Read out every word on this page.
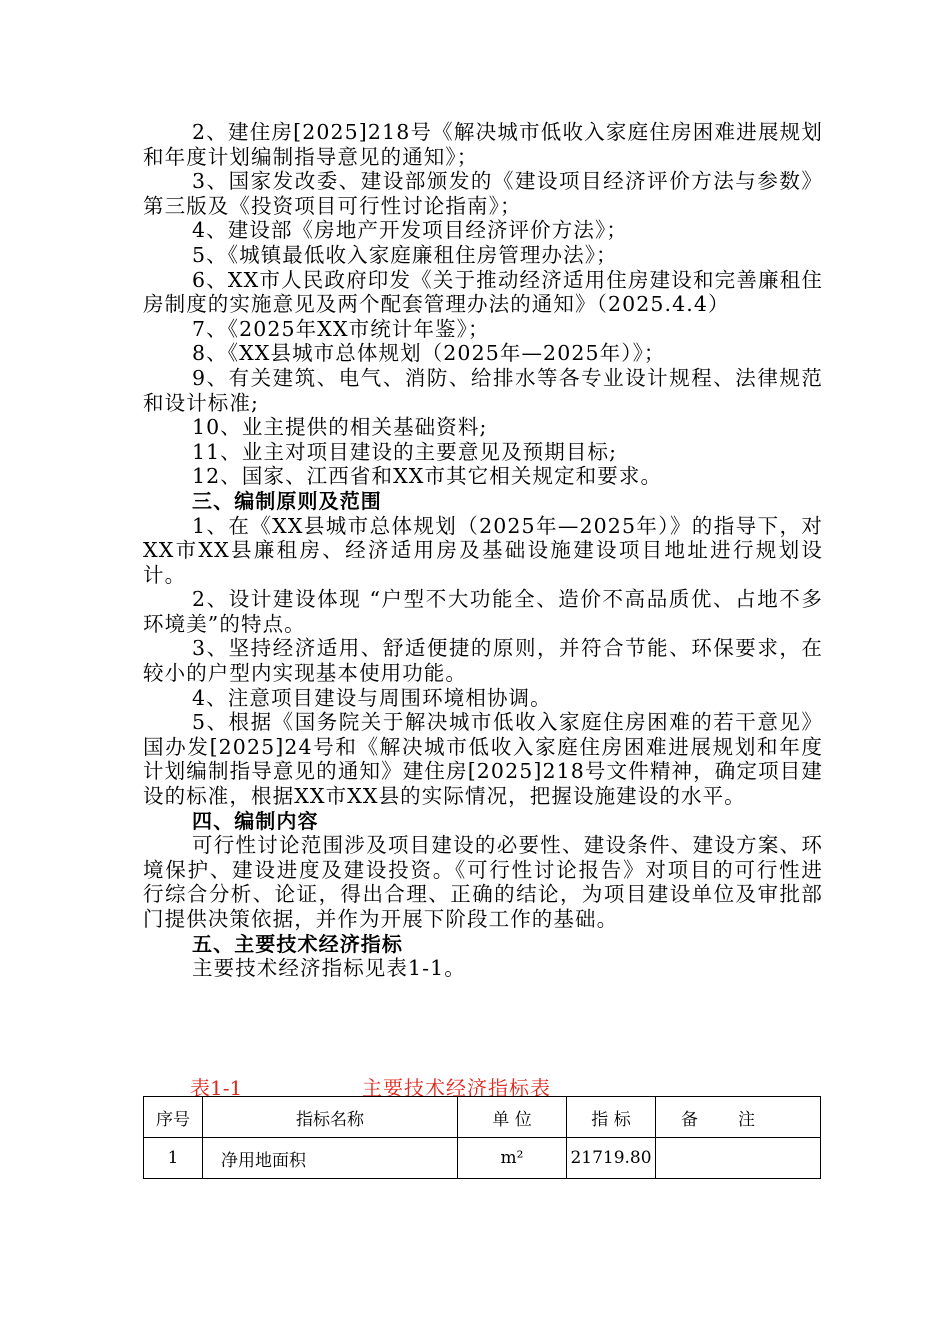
2、建住房[2025]218号《解决城市低收入家庭住房困难进展规划和年度计划编制指导意见的通知》；

3、国家发改委、建设部颁发的《建设项目经济评价方法与参数》第三版及《投资项目可行性讨论指南》；

4、建设部《房地产开发项目经济评价方法》；

5、《城镇最低收入家庭廉租住房管理办法》；

6、XX市人民政府印发《关于推动经济适用住房建设和完善廉租住房制度的实施意见及两个配套管理办法的通知》（2025.4.4）

7、《2025年XX市统计年鉴》；

8、《XX县城市总体规划（2025年—2025年）》；

9、有关建筑、电气、消防、给排水等各专业设计规程、法律规范和设计标准;

10、业主提供的相关基础资料;

11、业主对项目建设的主要意见及预期目标;

12、国家、江西省和XX市其它相关规定和要求。

三、编制原则及范围

1、在《XX县城市总体规划（2025年—2025年）》的指导下，对XX市XX县廉租房、经济适用房及基础设施建设项目地址进行规划设计。

2、设计建设体现 “户型不大功能全、造价不高品质优、占地不多环境美”的特点。

3、坚持经济适用、舒适便捷的原则，并符合节能、环保要求，在较小的户型内实现基本使用功能。

4、注意项目建设与周围环境相协调。

5、根据《国务院关于解决城市低收入家庭住房困难的若干意见》国办发[2025]24号和《解决城市低收入家庭住房困难进展规划和年度计划编制指导意见的通知》建住房[2025]218号文件精神，确定项目建设的标准，根据XX市XX县的实际情况，把握设施建设的水平。

四、编制内容

可行性讨论范围涉及项目建设的必要性、建设条件、建设方案、环境保护、建设进度及建设投资。《可行性讨论报告》对项目的可行性进行综合分析、论证，得出合理、正确的结论，为项目建设单位及审批部门提供决策依据，并作为开展下阶段工作的基础。

五、主要技术经济指标

主要技术经济指标见表1-1。

表1-1	主要技术经济指标表
序号	指标名称	单 位	指 标	备注
1	净用地面积	m²	21719.80	
